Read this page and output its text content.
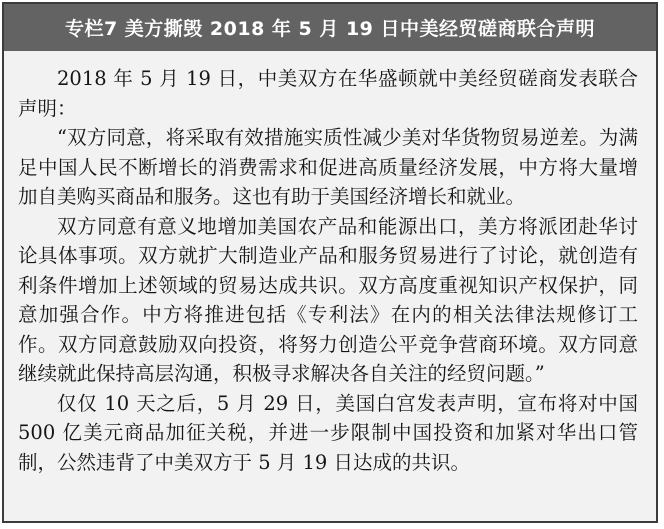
专栏7 美方撕毁 2018 年 5 月 19 日中美经贸磋商联合声明

2018 年 5 月 19 日，中美双方在华盛顿就中美经贸磋商发表联合声明：

“双方同意，将采取有效措施实质性减少美对华货物贸易逆差。为满足中国人民不断增长的消费需求和促进高质量经济发展，中方将大量增加自美购买商品和服务。这也有助于美国经济增长和就业。

双方同意有意义地增加美国农产品和能源出口，美方将派团赴华讨论具体事项。双方就扩大制造业产品和服务贸易进行了讨论，就创造有利条件增加上述领域的贸易达成共识。双方高度重视知识产权保护，同意加强合作。中方将推进包括《专利法》在内的相关法律法规修订工作。双方同意鼓励双向投资，将努力创造公平竞争营商环境。双方同意继续就此保持高层沟通，积极寻求解决各自关注的经贸问题。”

仅仅 10 天之后，5 月 29 日，美国白宫发表声明，宣布将对中国 500 亿美元商品加征关税，并进一步限制中国投资和加紧对华出口管制，公然违背了中美双方于 5 月 19 日达成的共识。
